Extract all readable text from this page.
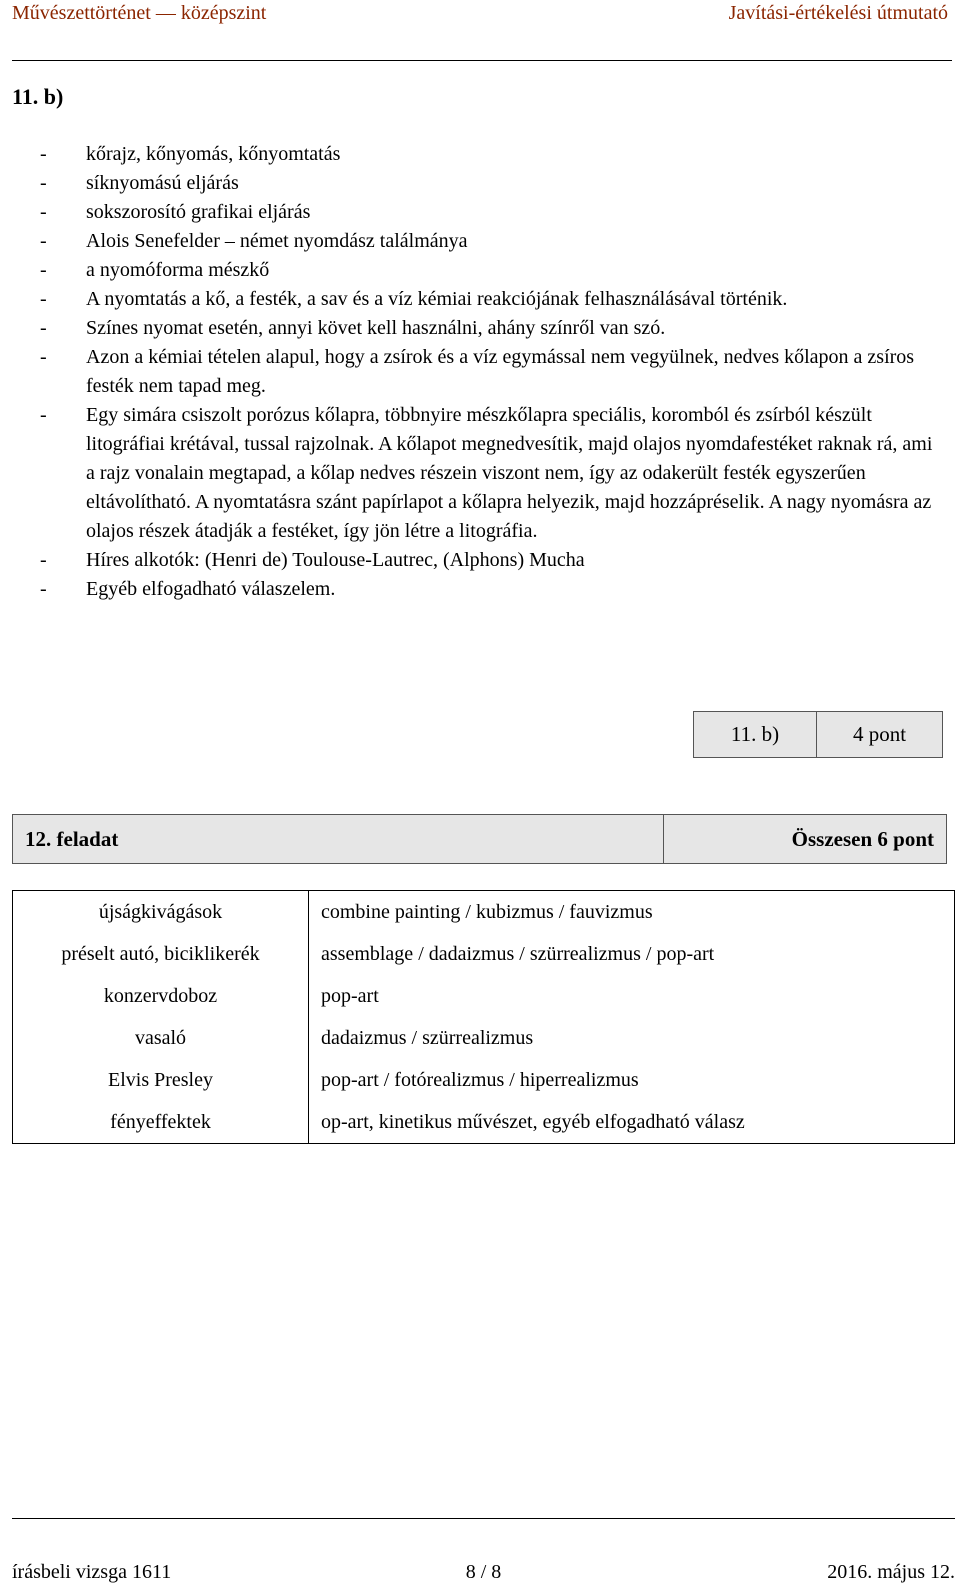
Művészettörténet — középszint	Javítási-értékelési útmutató
11. b)
- kőrajz, kőnyomás, kőnyomtatás
- síknyomású eljárás
- sokszorosító grafikai eljárás
- Alois Senefelder – német nyomdász találmánya
- a nyomóforma mészkő
- A nyomtatás a kő, a festék, a sav és a víz kémiai reakciójának felhasználásával történik.
- Színes nyomat esetén, annyi követ kell használni, ahány színről van szó.
- Azon a kémiai tételen alapul, hogy a zsírok és a víz egymással nem vegyülnek, nedves kőlapon a zsíros festék nem tapad meg.
- Egy simára csiszolt porózus kőlapra, többnyire mészkőlapra speciális, koromból és zsírból készült litográfiai krétával, tussal rajzolnak. A kőlapot megnedvesítik, majd olajos nyomdafestéket raknak rá, ami a rajz vonalain megtapad, a kőlap nedves részein viszont nem, így az odakerült festék egyszerűen eltávolítható. A nyomtatásra szánt papírlapot a kőlapra helyezik, majd hozzápréselik. A nagy nyomásra az olajos részek átadják a festéket, így jön létre a litográfia.
- Híres alkotók: (Henri de) Toulouse-Lautrec, (Alphons) Mucha
- Egyéb elfogadható válaszelem.
11. b)	4 pont
12. feladat	Összesen 6 pont
újságkivágások	combine painting / kubizmus / fauvizmus
préselt autó, biciklikerék	assemblage / dadaizmus / szürrealizmus / pop-art
konzervdoboz	pop-art
vasaló	dadaizmus / szürrealizmus
Elvis Presley	pop-art / fotórealizmus / hiperrealizmus
fényeffektek	op-art, kinetikus művészet, egyéb elfogadható válasz
írásbeli vizsga 1611	8 / 8	2016. május 12.
